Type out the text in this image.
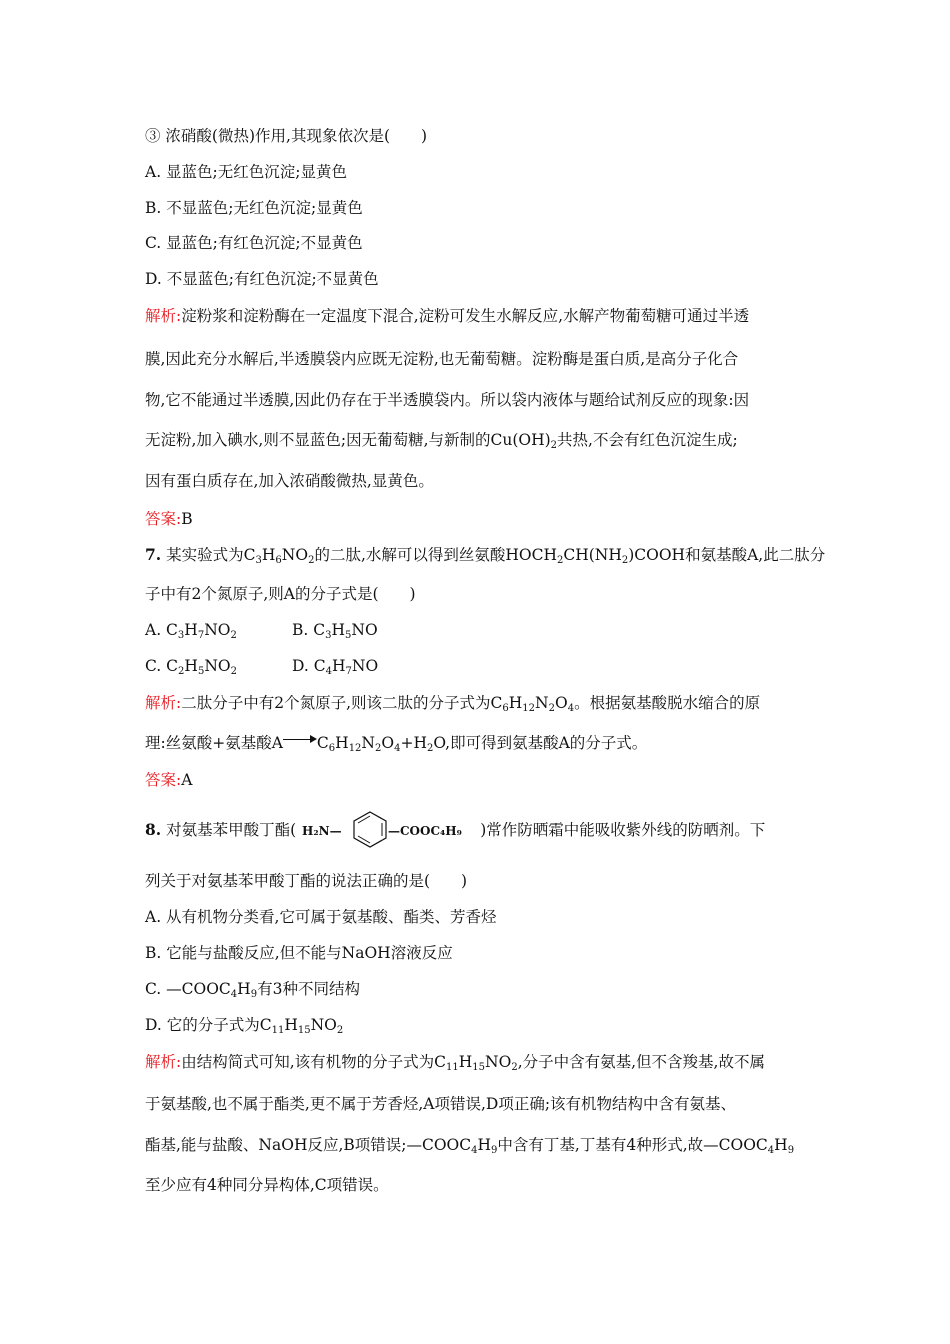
③ 浓硝酸(微热)作用,其现象依次是(　　)
A. 显蓝色;无红色沉淀;显黄色
B. 不显蓝色;无红色沉淀;显黄色
C. 显蓝色;有红色沉淀;不显黄色
D. 不显蓝色;有红色沉淀;不显黄色
解析:淀粉浆和淀粉酶在一定温度下混合,淀粉可发生水解反应,水解产物葡萄糖可通过半透
膜,因此充分水解后,半透膜袋内应既无淀粉,也无葡萄糖。淀粉酶是蛋白质,是高分子化合
物,它不能通过半透膜,因此仍存在于半透膜袋内。所以袋内液体与题给试剂反应的现象:因
无淀粉,加入碘水,则不显蓝色;因无葡萄糖,与新制的$Cu(OH)_2$共热,不会有红色沉淀生成;
因有蛋白质存在,加入浓硝酸微热,显黄色。
答案:B
7. 某实验式为$C_3H_6NO_2$的二肽,水解可以得到丝氨酸$HOCH_2CH(NH_2)COOH$和氨基酸A,此二肽分
子中有2个氮原子,则A的分子式是(　　)
A. $C_3H_7NO_2$	B. $C_3H_5NO$
C. $C_2H_5NO_2$	D. $C_4H_7NO$
解析:二肽分子中有2个氮原子,则该二肽的分子式为$C_6H_{12}N_2O_4$。根据氨基酸脱水缩合的原
理:丝氨酸+氨基酸A $C_6H_{12}N_2O_4+H_2O$,即可得到氨基酸A的分子式。
答案:A
8. 对氨基苯甲酸丁酯( H₂N—	—COOC₄H₉ )常作防晒霜中能吸收紫外线的防晒剂。下
列关于对氨基苯甲酸丁酯的说法正确的是(　　)
A. 从有机物分类看,它可属于氨基酸、酯类、芳香烃
B. 它能与盐酸反应,但不能与NaOH溶液反应
C. $—COOC_4H_9$有3种不同结构
D. 它的分子式为$C_{11}H_{15}NO_2$
解析:由结构简式可知,该有机物的分子式为$C_{11}H_{15}NO_2$,分子中含有氨基,但不含羧基,故不属
于氨基酸,也不属于酯类,更不属于芳香烃,A项错误,D项正确;该有机物结构中含有氨基、
酯基,能与盐酸、NaOH反应,B项错误$;—COOC_4H_9$中含有丁基,丁基有4种形式,故$—COOC_4H_9$
至少应有4种同分异构体,C项错误。
